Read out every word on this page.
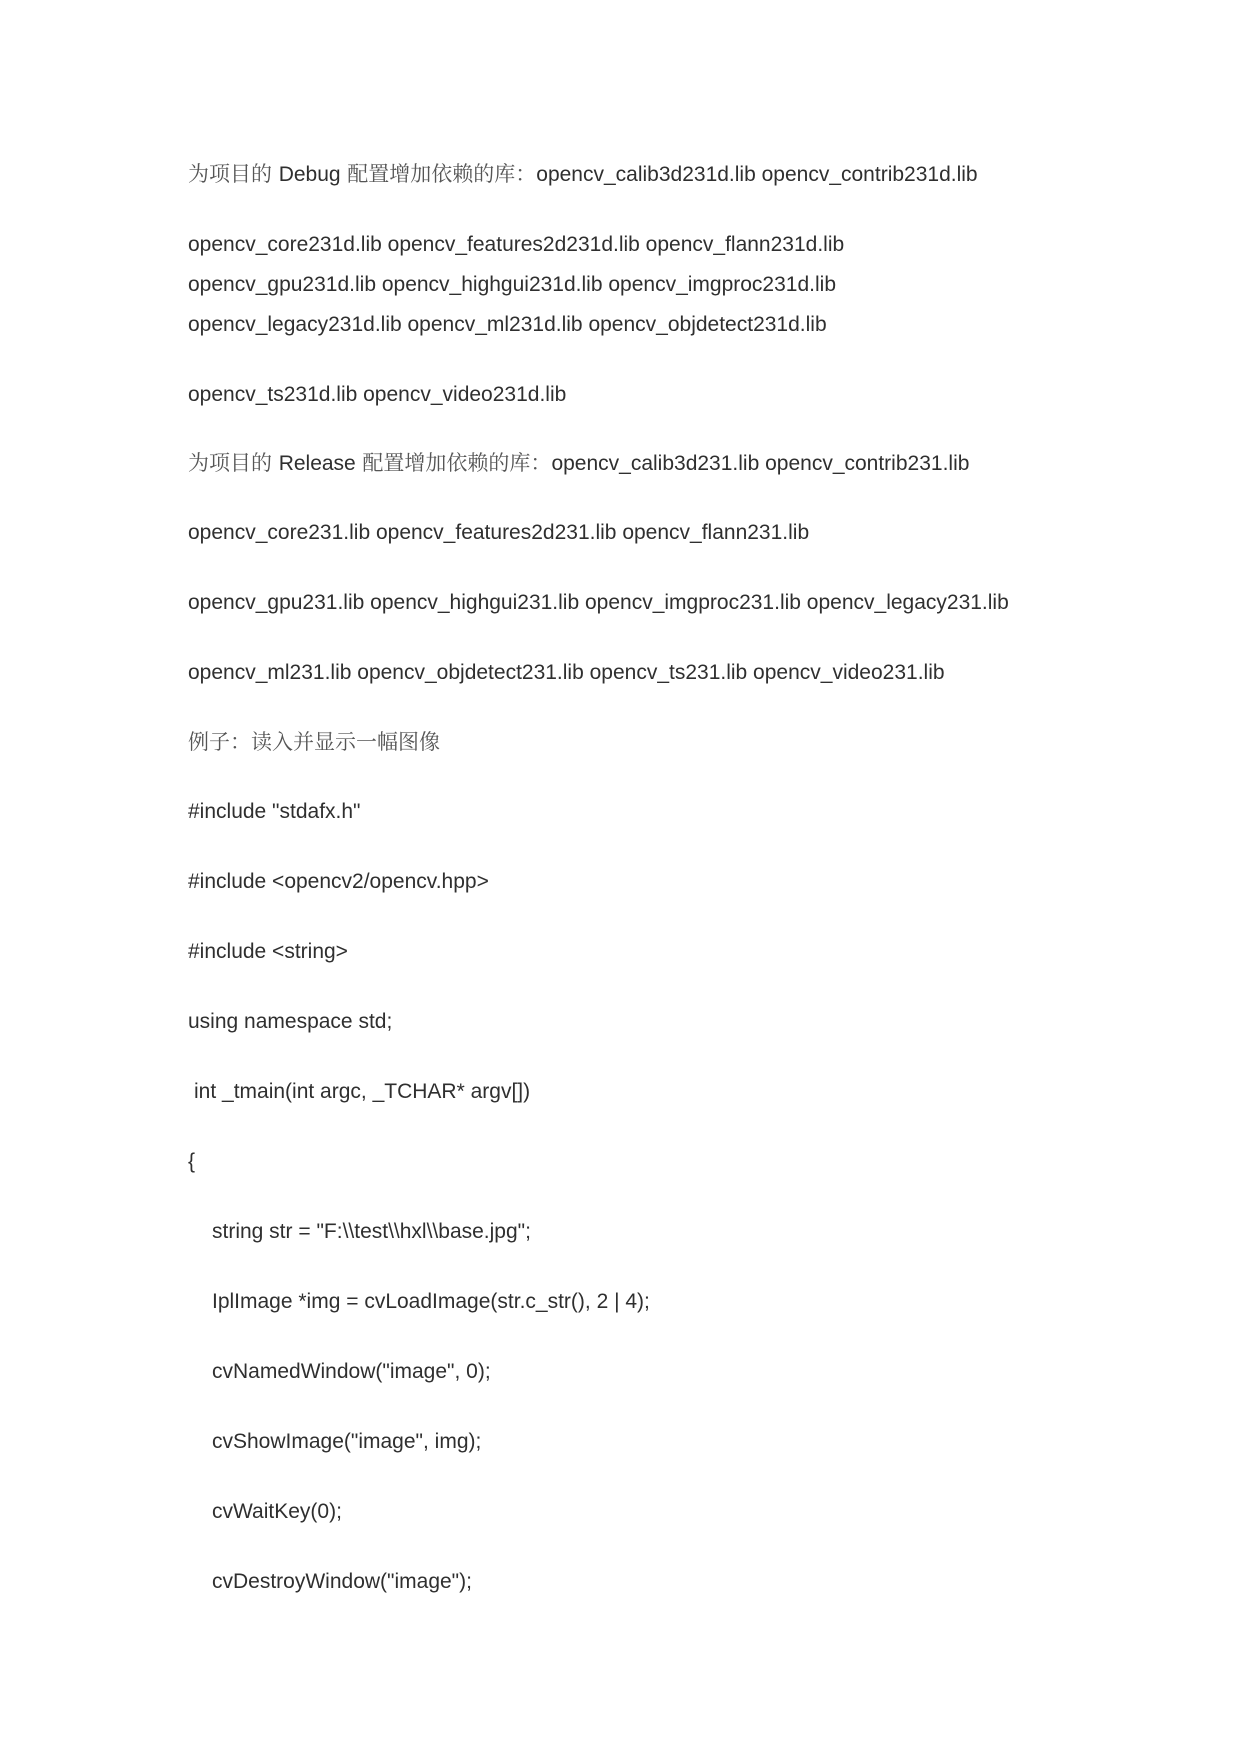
为项目的 Debug 配置增加依赖的库：opencv_calib3d231d.lib opencv_contrib231d.lib

opencv_core231d.lib opencv_features2d231d.lib opencv_flann231d.lib

opencv_gpu231d.lib opencv_highgui231d.lib opencv_imgproc231d.lib

opencv_legacy231d.lib opencv_ml231d.lib opencv_objdetect231d.lib

opencv_ts231d.lib opencv_video231d.lib

为项目的 Release 配置增加依赖的库：opencv_calib3d231.lib opencv_contrib231.lib

opencv_core231.lib opencv_features2d231.lib opencv_flann231.lib

opencv_gpu231.lib opencv_highgui231.lib opencv_imgproc231.lib opencv_legacy231.lib

opencv_ml231.lib opencv_objdetect231.lib opencv_ts231.lib opencv_video231.lib

例子：读入并显示一幅图像

#include "stdafx.h"

#include <opencv2/opencv.hpp>

#include <string>

using namespace std;

int _tmain(int argc, _TCHAR* argv[])

{

string str = "F:\\test\\hxl\\base.jpg";

IplImage *img = cvLoadImage(str.c_str(), 2 | 4);

cvNamedWindow("image", 0);

cvShowImage("image", img);

cvWaitKey(0);

cvDestroyWindow("image");
